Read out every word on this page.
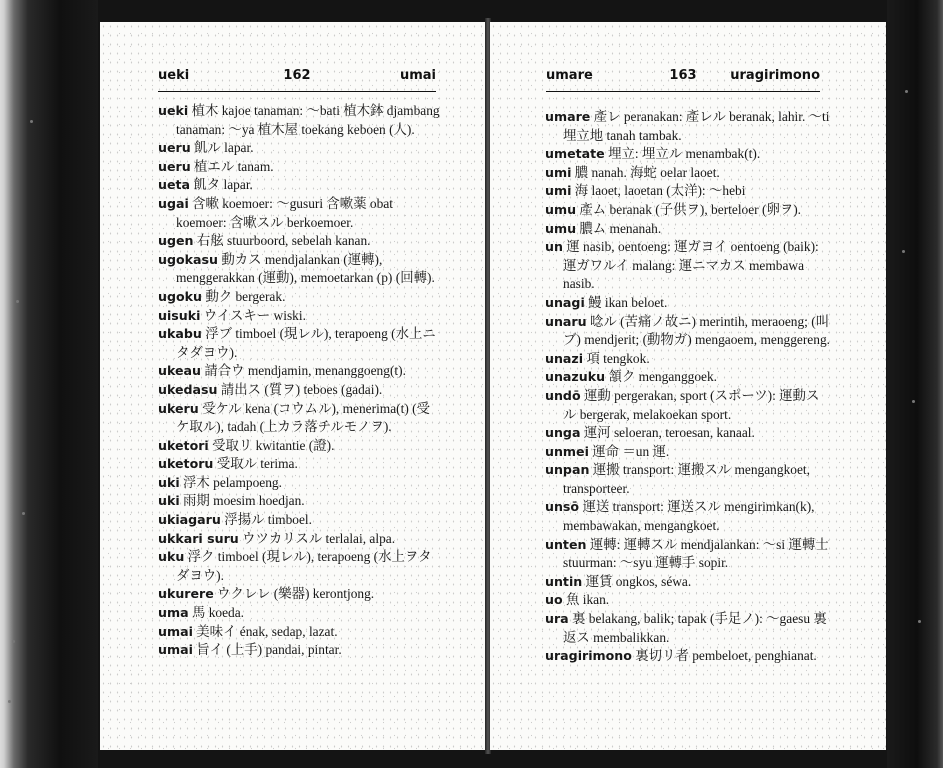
ueki	162	umai
ueki 植木 kajoe tanaman: ～bati 植木鉢 djambang tanaman: ～ya 植木屋 toekang keboen (人).
ueru 飢ル lapar.
ueru 植エル tanam.
ueta 飢タ lapar.
ugai 含嗽 koemoer: ～gusuri 含嗽薬 obat koemoer: 含嗽スル berkoemoer.
ugen 右舷 stuurboord, sebelah kanan.
ugokasu 動カス mendjalankan (運轉), menggerakkan (運動), memoetarkan (p) (回轉).
ugoku 動ク bergerak.
uisuki ウイスキー wiski.
ukabu 浮ブ timboel (現レル), terapoeng (水上ニタダヨウ).
ukeau 請合ウ mendjamin, menanggoeng(t).
ukedasu 請出ス (質ヲ) teboes (gadai).
ukeru 受ケル kena (コウムル), menerima(t) (受ケ取ル), tadah (上カラ落チルモノヲ).
uketori 受取リ kwitantie (證).
uketoru 受取ル terima.
uki 浮木 pelampoeng.
uki 雨期 moesim hoedjan.
ukiagaru 浮揚ル timboel.
ukkari suru ウツカリスル terlalai, alpa.
uku 浮ク timboel (現レル), terapoeng (水上ヲタダヨウ).
ukurere ウクレレ (樂器) kerontjong.
uma 馬 koeda.
umai 美味イ énak, sedap, lazat.
umai 旨イ (上手) pandai, pintar.
umare	163	uragirimono
umare 產レ peranakan: 產レル beranak, lahir. ～ti 埋立地 tanah tambak.
umetate 埋立: 埋立ル menambak(t).
umi 膿 nanah. 海蛇 oelar laoet.
umi 海 laoet, laoetan (太洋): ～hebi
umu 產ム beranak (子供ヲ), berteloer (卵ヲ).
umu 膿ム menanah.
un 運 nasib, oentoeng: 運ガヨイ oentoeng (baik): 運ガワルイ malang: 運ニマカス membawa nasib.
unagi 鰻 ikan beloet.
unaru 唸ル (苦痛ノ故ニ) merintih, meraoeng; (叫ブ) mendjerit; (動物ガ) mengaoem, menggereng.
unazi 項 tengkok.
unazuku 頷ク menganggoek.
undō 運動 pergerakan, sport (スポーツ): 運動スル bergerak, melakoekan sport.
unga 運河 seloeran, teroesan, kanaal.
unmei 運命 ＝un 運.
unpan 運搬 transport: 運搬スル mengangkoet, transporteer.
unsō 運送 transport: 運送スル mengirimkan(k), membawakan, mengangkoet.
unten 運轉: 運轉スル mendjalankan: ～si 運轉士 stuurman: ～syu 運轉手 sopir.
untin 運賃 ongkos, séwa.
uo 魚 ikan.
ura 裏 belakang, balik; tapak (手足ノ): ～gaesu 裏返ス membalikkan.
uragirimono 裏切リ者 pembeloet, penghianat.
